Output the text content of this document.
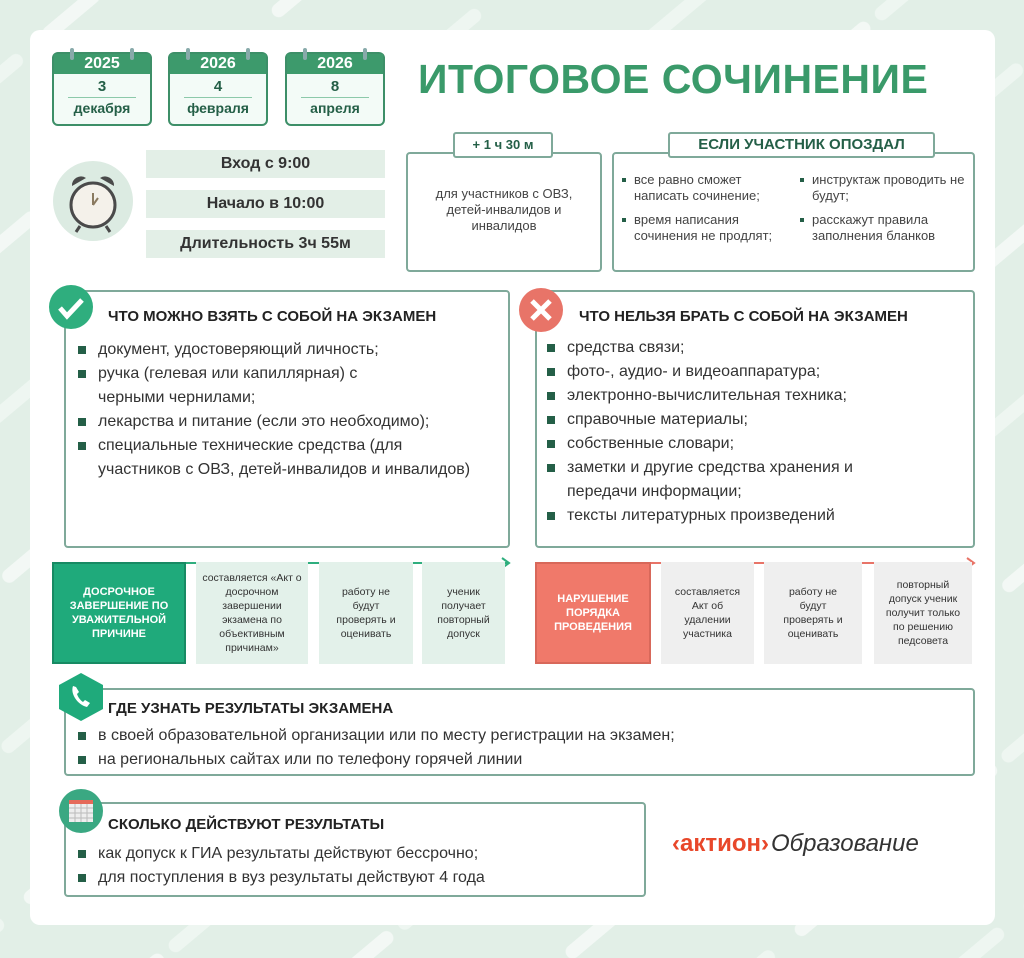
2025
3
декабря
2026
4
февраля
2026
8
апреля
ИТОГОВОЕ СОЧИНЕНИЕ
Вход с 9:00
Начало в 10:00
Длительность 3ч 55м
для участников с ОВЗ, детей-инвалидов и инвалидов
+ 1 ч 30 м
все равно сможет написать сочинение;
время написания сочинения не продлят;
инструктаж проводить не будут;
расскажут правила заполнения бланков
ЕСЛИ УЧАСТНИК ОПОЗДАЛ
ЧТО МОЖНО ВЗЯТЬ С СОБОЙ НА ЭКЗАМЕН
документ, удостоверяющий личность;
ручка (гелевая или капиллярная) с черными чернилами;
лекарства и питание (если это необходимо);
специальные технические средства (для участников с ОВЗ, детей-инвалидов и инвалидов)
ЧТО НЕЛЬЗЯ БРАТЬ С СОБОЙ НА ЭКЗАМЕН
средства связи;
фото-, аудио- и видеоаппаратура;
электронно-вычислительная техника;
справочные материалы;
собственные словари;
заметки и другие средства хранения и передачи информации;
тексты литературных произведений
ДОСРОЧНОЕ ЗАВЕРШЕНИЕ ПО УВАЖИТЕЛЬНОЙ ПРИЧИНЕ
составляется «Акт о досрочном завершении экзамена по объективным причинам»
работу не будут проверять и оценивать
ученик получает повторный допуск
НАРУШЕНИЕ ПОРЯДКА ПРОВЕДЕНИЯ
составляется Акт об удалении участника
работу не будут проверять и оценивать
повторный допуск ученик получит только по решению педсовета
ГДЕ УЗНАТЬ РЕЗУЛЬТАТЫ ЭКЗАМЕНА
в своей образовательной организации или по месту регистрации на экзамен;
на региональных сайтах или по телефону горячей линии
СКОЛЬКО ДЕЙСТВУЮТ РЕЗУЛЬТАТЫ
как допуск к ГИА результаты действуют бессрочно;
для поступления в вуз результаты действуют 4 года
‹актион›Образование
